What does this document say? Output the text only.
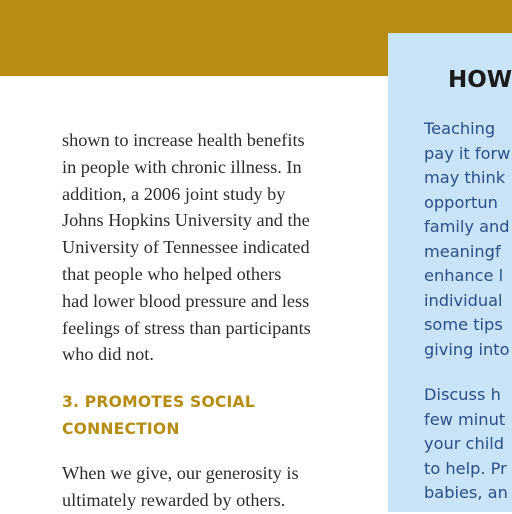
shown to increase health benefits
in people with chronic illness. In
addition, a 2006 joint study by
Johns Hopkins University and the
University of Tennessee indicated
that people who helped others
had lower blood pressure and less
feelings of stress than participants
who did not.

3. PROMOTES SOCIAL
CONNECTION

When we give, our generosity is
ultimately rewarded by others.

HOW

Teaching
pay it forw
may think
opportun
family and
meaningf
enhance l
individual
some tips
giving into

Discuss h
few minut
your child
to help. Pr
babies, an
